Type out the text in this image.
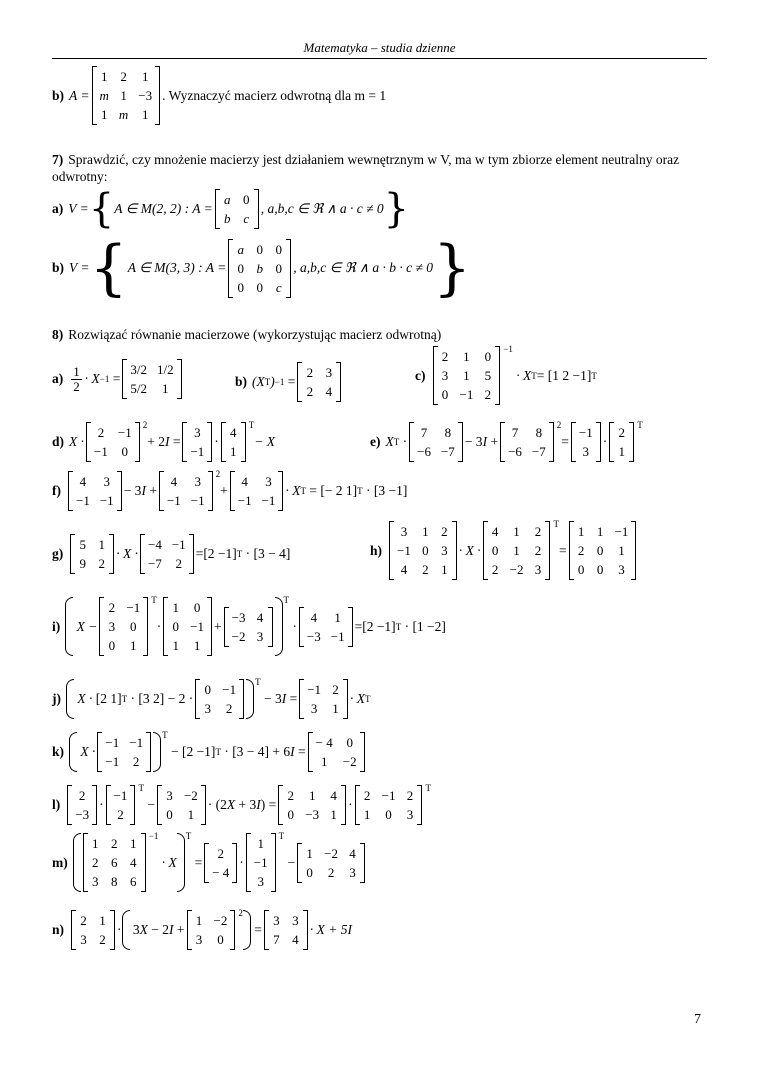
Matematyka – studia dzienne
b) A =
1 2 1
m 1 −3
1 m 1
. Wyznaczyć macierz odwrotną dla m = 1
7) Sprawdzić, czy mnożenie macierzy jest działaniem wewnętrznym w V, ma w tym zbiorze element neutralny oraz odwrotny:
a) V = { A ∈ M(2, 2) : A =
a 0
b c
, a,b,c ∈ ℜ ∧ a · c ≠ 0 }
b) V = { A ∈ M(3, 3) : A =
a 0 0
0 b 0
0 0 c
, a,b,c ∈ ℜ ∧ a · b · c ≠ 0 }
8) Rozwiązać równanie macierzowe (wykorzystując macierz odwrotną)
$a) \frac{1}{2} \cdot X -1$ =
3/2 1/2
5/2	1	b) (X T ) −1 =
2 3
2 4
c)
2 1 0
3 1 5
0 −1 2
−1
· X T = [1 2 −1] T
d) X ·
2 −1
−1 0
2
+ 2I =
3
−1
·
4
1
T
− X	e) X T ·
7 8
−6 −7
− 3I +
7 8
−6 −7
2
=
−1
3
·
2
1
T
f)
4 3
−1 −1
− 3I +
4 3
−1 −1
2
+
4 3
−1 −1
· X T = [− 2 1] T · [3 −1]
g)
5 1
9 2
· X ·
−4 −1
−7 2
= [2 −1] T · [3 − 4]	h)
3 1 2
−1 0 3
4 2 1
· X ·
4 1 2
0 1 2
2 −2 3
T
=
1 1 −1
2 0 1
0 0 3
i) X −
2 −1
3 0
0 1
T
·
1 0
0 −1
1 1
+
−3 4
−2 3
T
·
4 1
−3 −1
= [2 −1] T · [1 −2]
j) X · [2 1] T · [3 2] − 2 ·
0 −1
3 2
T
− 3I =
−1 2
3 1
· X T
k) X ·
−1 −1
−1 2
T
− [2 −1] T · [3 − 4] + 6I =
− 4 0
1	−2
l)
2
−3
·
−1
2
T
−
3 −2
0 1
· (2X + 3I) =
2 1 4
0 −3 1
·
2 −1 2
1 0 3
T
m)
1 2 1
2 6 4
3 8 6
−1
· X
T
=
2
− 4
·
1
−1
3
T
−
1 −2 4
0 2 3
n)
2 1
3 2
· 3X − 2I +
1 −2
3 0
2
=
3 3
7 4
· X + 5I
7
